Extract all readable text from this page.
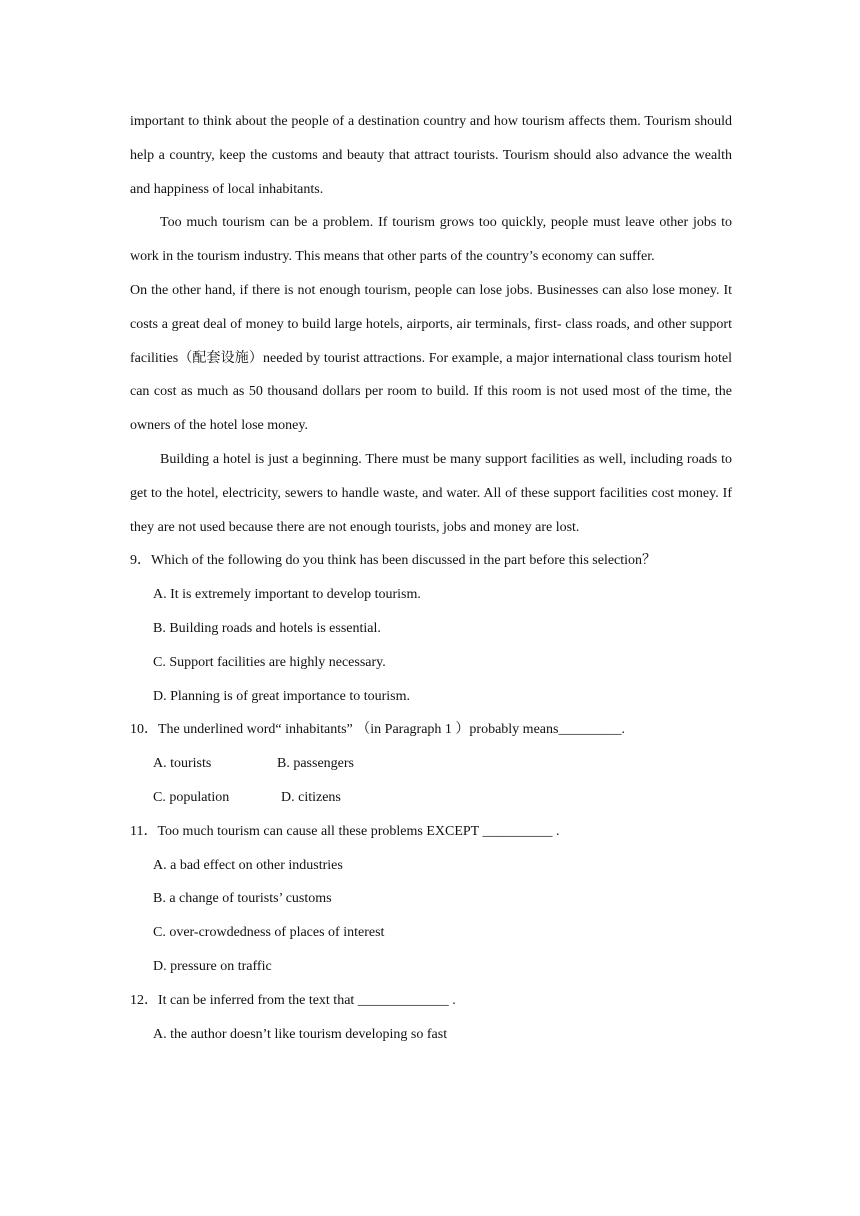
important to think about the people of a destination country and how tourism affects them. Tourism should help a country, keep the customs and beauty that attract tourists. Tourism should also advance the wealth and happiness of local inhabitants.

Too much tourism can be a problem. If tourism grows too quickly, people must leave other jobs to work in the tourism industry. This means that other parts of the country’s economy can suffer.

On the other hand, if there is not enough tourism, people can lose jobs. Businesses can also lose money. It costs a great deal of money to build large hotels, airports, air terminals, first- class roads, and other support facilities（配套设施）needed by tourist attractions. For example, a major international class tourism hotel can cost as much as 50 thousand dollars per room to build. If this room is not used most of the time, the owners of the hotel lose money.

Building a hotel is just a beginning. There must be many support facilities as well, including roads to get to the hotel, electricity, sewers to handle waste, and water. All of these support facilities cost money. If they are not used because there are not enough tourists, jobs and money are lost.

9．Which of the following do you think has been discussed in the part before this selection？

A. It is extremely important to develop tourism.

B. Building roads and hotels is essential.

C. Support facilities are highly necessary.

D. Planning is of great importance to tourism.

10．The underlined word“ inhabitants” （in Paragraph 1 ）probably means_________.

A. tourists	B. passengers

C. population	D. citizens

11．Too much tourism can cause all these problems EXCEPT __________ .

A. a bad effect on other industries

B. a change of tourists’ customs

C. over-crowdedness of places of interest

D. pressure on traffic

12．It can be inferred from the text that _____________ .

A. the author doesn’t like tourism developing so fast
